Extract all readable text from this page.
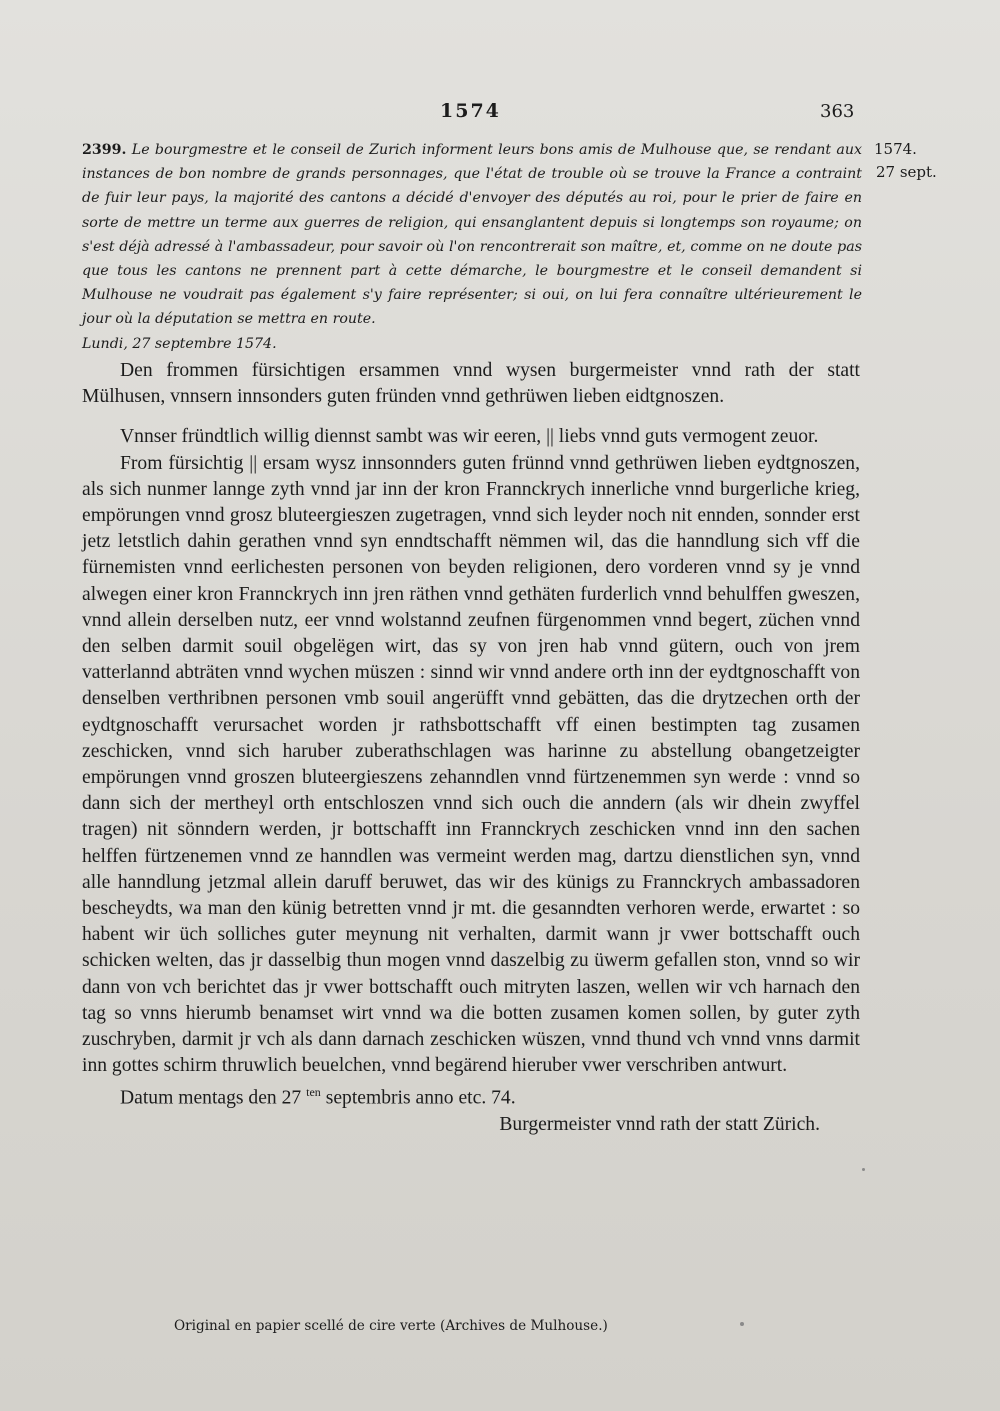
1574	363
1574.
27 sept.

2399. Le bourgmestre et le conseil de Zurich informent leurs bons amis de Mulhouse que, se rendant aux instances de bon nombre de grands personnages, que l'état de trouble où se trouve la France a contraint de fuir leur pays, la majorité des cantons a décidé d'envoyer des députés au roi, pour le prier de faire en sorte de mettre un terme aux guerres de religion, qui ensanglantent depuis si longtemps son royaume; on s'est déjà adressé à l'ambassadeur, pour savoir où l'on rencontrerait son maître, et, comme on ne doute pas que tous les cantons ne prennent part à cette démarche, le bourgmestre et le conseil demandent si Mulhouse ne voudrait pas également s'y faire représenter; si oui, on lui fera connaître ultérieurement le jour où la députation se mettra en route.

Lundi, 27 septembre 1574.

Den frommen fürsichtigen ersammen vnnd wysen burgermeister vnnd rath der statt Mülhusen, vnnsern innsonders guten fründen vnnd gethrüwen lieben eidtgnoszen.

Vnnser fründtlich willig diennst sambt was wir eeren, || liebs vnnd guts vermogent zeuor.

From fürsichtig || ersam wysz innsonnders guten frünnd vnnd gethrüwen lieben eydtgnoszen, als sich nunmer lannge zyth vnnd jar inn der kron Frannckrych innerliche vnnd burgerliche krieg, empörungen vnnd grosz bluteergieszen zugetragen, vnnd sich leyder noch nit ennden, sonnder erst jetz letstlich dahin gerathen vnnd syn enndtschafft nëmmen wil, das die hanndlung sich vff die fürnemisten vnnd eerlichesten personen von beyden religionen, dero vorderen vnnd sy je vnnd alwegen einer kron Frannckrych inn jren räthen vnnd gethäten furderlich vnnd behulffen gweszen, vnnd allein derselben nutz, eer vnnd wolstannd zeufnen fürgenommen vnnd begert, züchen vnnd den selben darmit souil obgelëgen wirt, das sy von jren hab vnnd gütern, ouch von jrem vatterlannd abträten vnnd wychen müszen : sinnd wir vnnd andere orth inn der eydtgnoschafft von denselben verthribnen personen vmb souil angerüfft vnnd gebätten, das die drytzechen orth der eydtgnoschafft verursachet worden jr rathsbottschafft vff einen bestimpten tag zusamen zeschicken, vnnd sich haruber zuberathschlagen was harinne zu abstellung obangetzeigter empörungen vnnd groszen bluteergieszens zehanndlen vnnd fürtzenemmen syn werde : vnnd so dann sich der mertheyl orth entschloszen vnnd sich ouch die anndern (als wir dhein zwyffel tragen) nit sönndern werden, jr bottschafft inn Frannckrych zeschicken vnnd inn den sachen helffen fürtzenemen vnnd ze hanndlen was vermeint werden mag, dartzu dienstlichen syn, vnnd alle hanndlung jetzmal allein daruff beruwet, das wir des künigs zu Frannckrych ambassadoren bescheydts, wa man den künig betretten vnnd jr mt. die gesanndten verhoren werde, erwartet : so habent wir üch solliches guter meynung nit verhalten, darmit wann jr vwer bottschafft ouch schicken welten, das jr dasselbig thun mogen vnnd daszelbig zu üwerm gefallen ston, vnnd so wir dann von vch berichtet das jr vwer bottschafft ouch mitryten laszen, wellen wir vch harnach den tag so vnns hierumb benamset wirt vnnd wa die botten zusamen komen sollen, by guter zyth zuschryben, darmit jr vch als dann darnach zeschicken wüszen, vnnd thund vch vnnd vnns darmit inn gottes schirm thruwlich beuelchen, vnnd begärend hieruber vwer verschriben antwurt.

Datum mentags den 27 $^{ten}$ septembris anno etc. 74.

Burgermeister vnnd rath der statt Zürich.

Original en papier scellé de cire verte (Archives de Mulhouse.)
